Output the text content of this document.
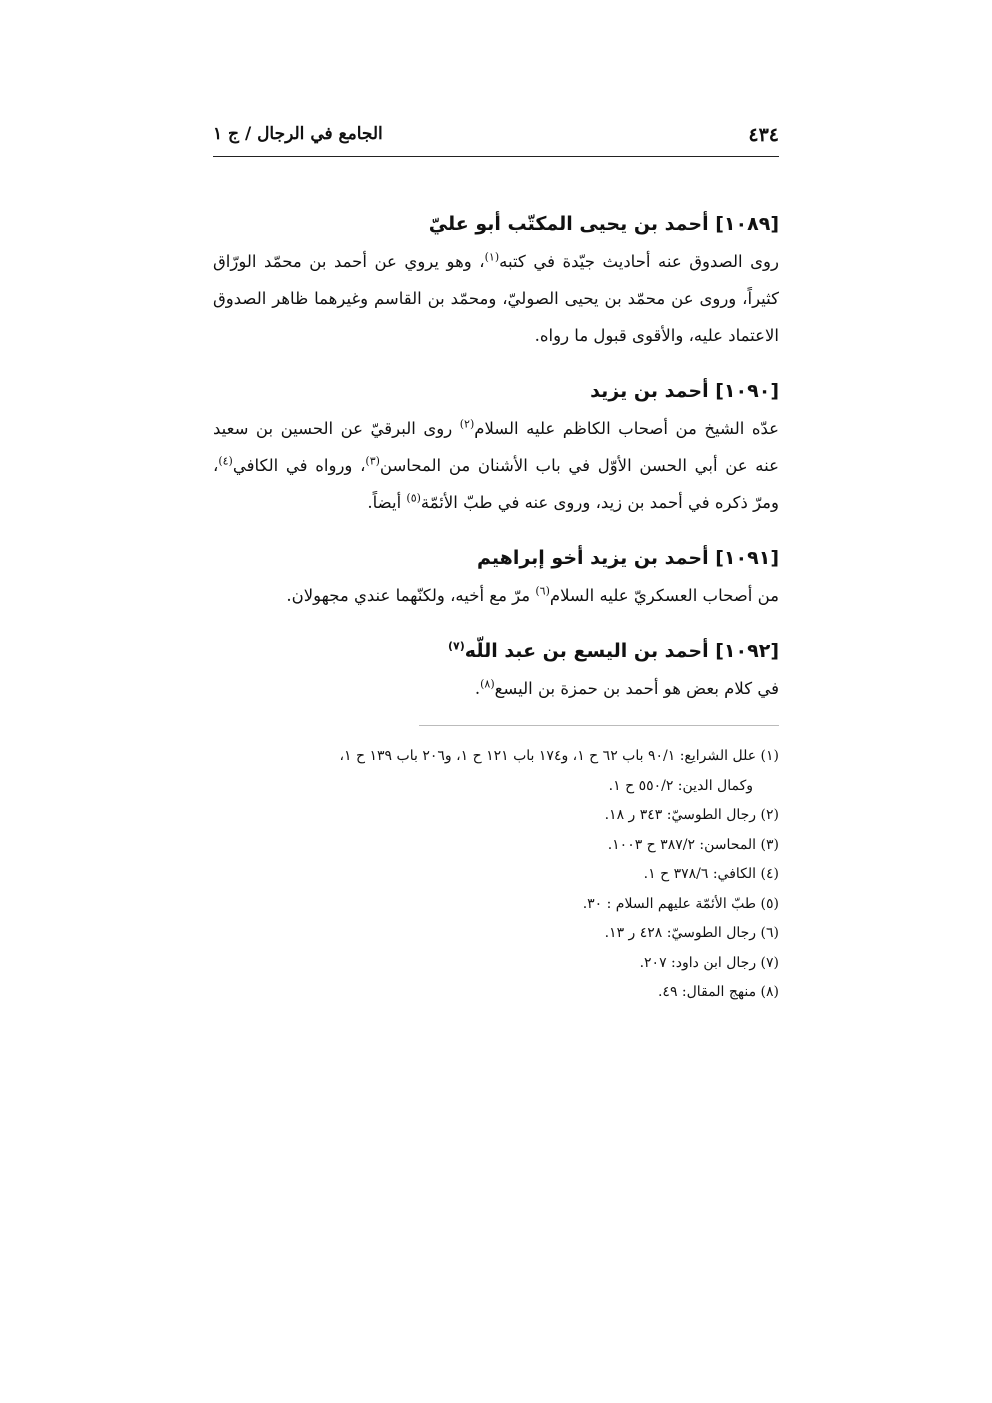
٤٣٤
الجامع في الرجال / ج ١
[١٠٨٩] أحمد بن يحيى المكتّب أبو عليّ
روى الصدوق عنه أحاديث جيّدة في كتبه$^{(١)}$، وهو يروي عن أحمد بن محمّد الورّاق كثيراً، وروى عن محمّد بن يحيى الصوليّ، ومحمّد بن القاسم وغيرهما ظاهر الصدوق الاعتماد عليه، والأقوى قبول ما رواه.
[١٠٩٠] أحمد بن يزيد
عدّه الشيخ من أصحاب الكاظم عليه السلام$^{(٢)}$ روى البرقيّ عن الحسين بن سعيد عنه عن أبي الحسن الأوّل في باب الأشنان من المحاسن$^{(٣)}$، ورواه في الكافي$^{(٤)}$، ومرّ ذكره في أحمد بن زيد، وروى عنه في طبّ الأئمّة$^{(٥)}$ أيضاً.
[١٠٩١] أحمد بن يزيد أخو إبراهيم
من أصحاب العسكريّ عليه السلام$^{(٦)}$ مرّ مع أخيه، ولكنّهما عندي مجهولان.
[١٠٩٢] أحمد بن اليسع بن عبد اللّه$^{(٧)}$
في كلام بعض هو أحمد بن حمزة بن اليسع$^{(٨)}$.
(١) علل الشرايع: ٩٠/١ باب ٦٢ ح ١، و١٧٤ باب ١٢١ ح ١، و٢٠٦ باب ١٣٩ ح ١،
وكمال الدين: ٥٥٠/٢ ح ١.
(٢) رجال الطوسيّ: ٣٤٣ ر ١٨.
(٣) المحاسن: ٣٨٧/٢ ح ١٠٠٣.
(٤) الكافي: ٣٧٨/٦ ح ١.
(٥) طبّ الأئمّة عليهم السلام : ٣٠.
(٦) رجال الطوسيّ: ٤٢٨ ر ١٣.
(٧) رجال ابن داود: ٢٠٧.
(٨) منهج المقال: ٤٩.
